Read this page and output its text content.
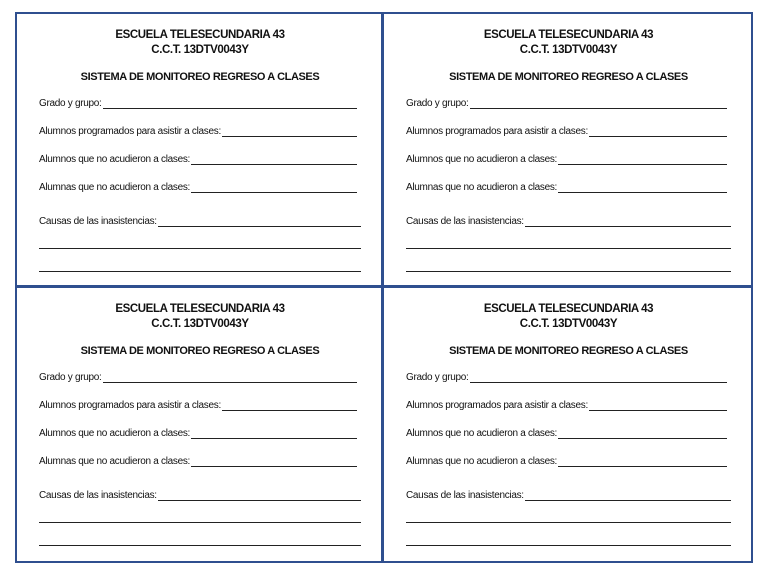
ESCUELA TELESECUNDARIA 43
C.C.T. 13DTV0043Y
SISTEMA DE MONITOREO REGRESO A CLASES
Grado y grupo:
Alumnos programados para asistir a clases:
Alumnos que no acudieron a clases:
Alumnas que no acudieron a clases:
Causas de las inasistencias:
ESCUELA TELESECUNDARIA 43
C.C.T. 13DTV0043Y
SISTEMA DE MONITOREO REGRESO A CLASES
Grado y grupo:
Alumnos programados para asistir a clases:
Alumnos que no acudieron a clases:
Alumnas que no acudieron a clases:
Causas de las inasistencias:
ESCUELA TELESECUNDARIA 43
C.C.T. 13DTV0043Y
SISTEMA DE MONITOREO REGRESO A CLASES
Grado y grupo:
Alumnos programados para asistir a clases:
Alumnos que no acudieron a clases:
Alumnas que no acudieron a clases:
Causas de las inasistencias:
ESCUELA TELESECUNDARIA 43
C.C.T. 13DTV0043Y
SISTEMA DE MONITOREO REGRESO A CLASES
Grado y grupo:
Alumnos programados para asistir a clases:
Alumnos que no acudieron a clases:
Alumnas que no acudieron a clases:
Causas de las inasistencias:
